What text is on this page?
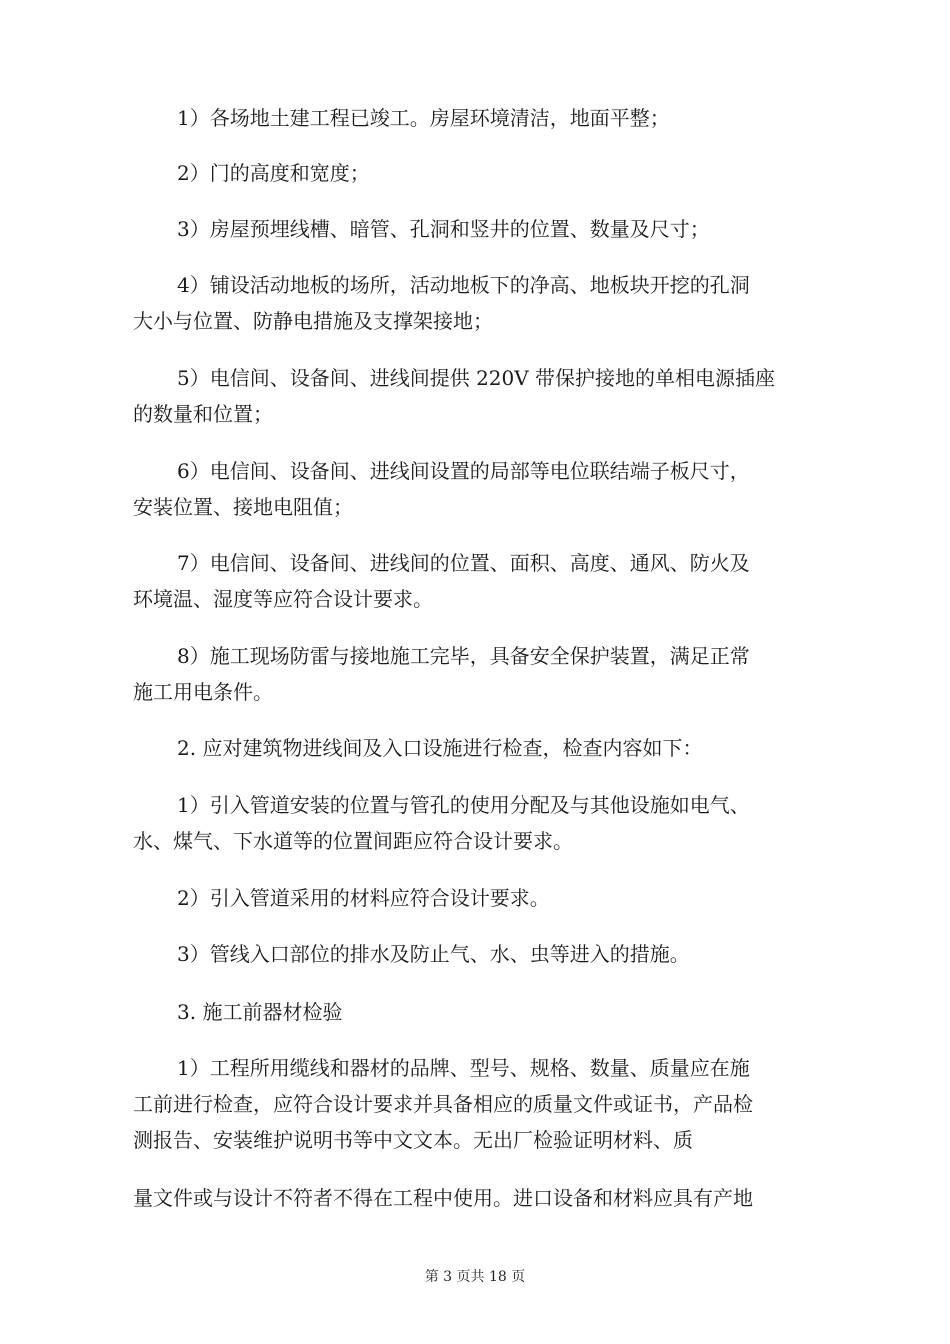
1）各场地土建工程已竣工。房屋环境清洁，地面平整；

2）门的高度和宽度；

3）房屋预埋线槽、暗管、孔洞和竖井的位置、数量及尺寸；

4）铺设活动地板的场所，活动地板下的净高、地板块开挖的孔洞
大小与位置、防静电措施及支撑架接地；

5）电信间、设备间、进线间提供 220V 带保护接地的单相电源插座
的数量和位置；

6）电信间、设备间、进线间设置的局部等电位联结端子板尺寸，
安装位置、接地电阻值；

7）电信间、设备间、进线间的位置、面积、高度、通风、防火及
环境温、湿度等应符合设计要求。

8）施工现场防雷与接地施工完毕，具备安全保护装置，满足正常
施工用电条件。

2. 应对建筑物进线间及入口设施进行检查，检查内容如下：

1）引入管道安装的位置与管孔的使用分配及与其他设施如电气、
水、煤气、下水道等的位置间距应符合设计要求。

2）引入管道采用的材料应符合设计要求。

3）管线入口部位的排水及防止气、水、虫等进入的措施。

3. 施工前器材检验

1）工程所用缆线和器材的品牌、型号、规格、数量、质量应在施
工前进行检查，应符合设计要求并具备相应的质量文件或证书，产品检
测报告、安装维护说明书等中文文本。无出厂检验证明材料、质

量文件或与设计不符者不得在工程中使用。进口设备和材料应具有产地

第 3 页共 18 页
